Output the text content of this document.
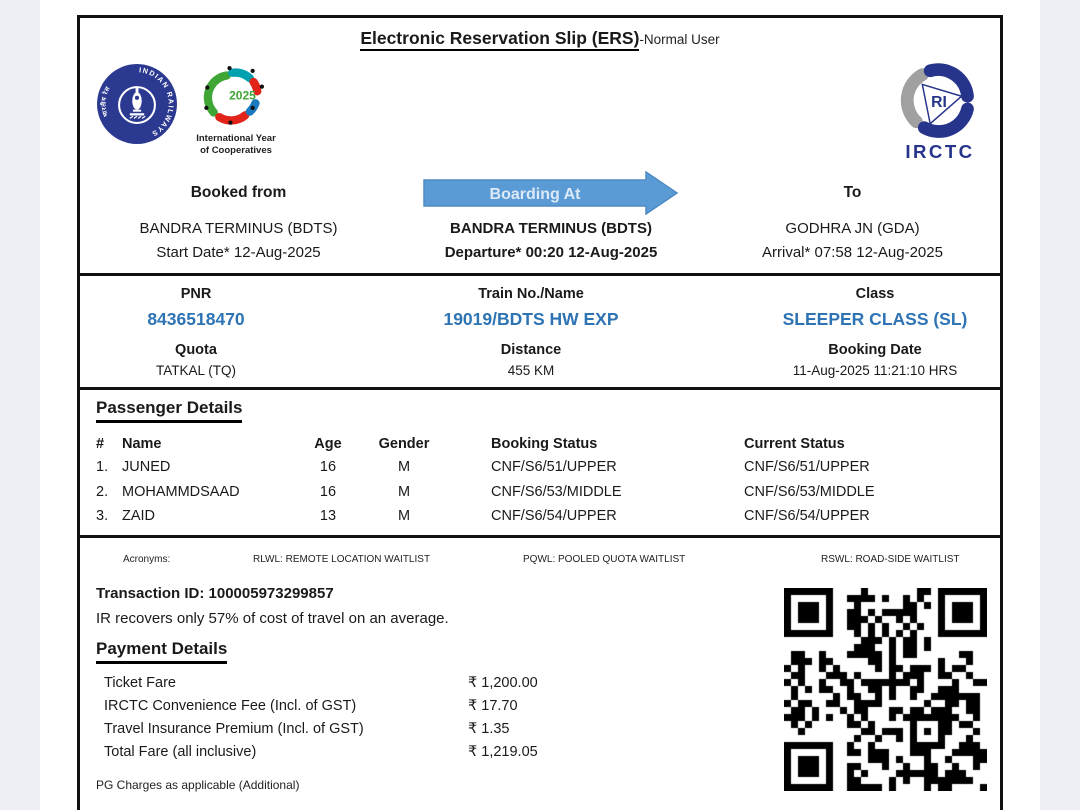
Electronic Reservation Slip (ERS)-Normal User
INDIAN RAILWAYS
भारतीय रेल	2025
International Year
of Cooperatives
RI
IRCTC
Booked from
BANDRA TERMINUS (BDTS)
Start Date* 12-Aug-2025
Boarding At
BANDRA TERMINUS (BDTS)
Departure* 00:20 12-Aug-2025
To
GODHRA JN (GDA)
Arrival* 07:58 12-Aug-2025
PNR
8436518470
Quota
TATKAL (TQ)
Train No./Name
19019/BDTS HW EXP
Distance
455 KM
Class
SLEEPER CLASS (SL)
Booking Date
11-Aug-2025 11:21:10 HRS
Passenger Details
#	Name	Age	Gender	Booking Status	Current Status
1. JUNED	16	M	CNF/S6/51/UPPER	CNF/S6/51/UPPER
2. MOHAMMDSAAD	16	M	CNF/S6/53/MIDDLE	CNF/S6/53/MIDDLE
3. ZAID	13	M	CNF/S6/54/UPPER	CNF/S6/54/UPPER
Acronyms:	RLWL: REMOTE LOCATION WAITLIST	PQWL: POOLED QUOTA WAITLIST	RSWL: ROAD-SIDE WAITLIST
Transaction ID: 100005973299857
IR recovers only 57% of cost of travel on an average.
Payment Details
Ticket Fare	₹ 1,200.00
IRCTC Convenience Fee (Incl. of GST)	₹ 17.70
Travel Insurance Premium (Incl. of GST)	₹ 1.35
Total Fare (all inclusive)	₹ 1,219.05
PG Charges as applicable (Additional)
